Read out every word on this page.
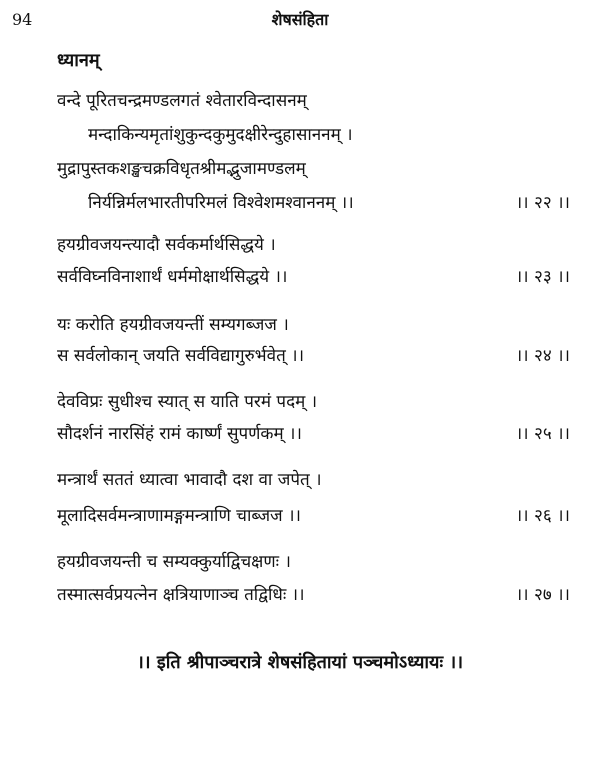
94	शेषसंहिता
ध्यानम्
वन्दे पूरितचन्द्रमण्डलगतं श्वेतारविन्दासनम्
मन्दाकिन्यमृतांशुकुन्दकुमुदक्षीरेन्दुहासाननम् ।
मुद्रापुस्तकशङ्खचक्रविधृतश्रीमद्भुजामण्डलम्
निर्यन्निर्मलभारतीपरिमलं विश्वेशमश्वाननम् ।।	।। २२ ।।
हयग्रीवजयन्त्यादौ सर्वकर्मार्थसिद्धये ।
सर्वविघ्नविनाशार्थं धर्ममोक्षार्थसिद्धये ।।	।। २३ ।।
यः करोति हयग्रीवजयन्तीं सम्यगब्जज ।
स सर्वलोकान् जयति सर्वविद्यागुरुर्भवेत् ।।	।। २४ ।।
देवविप्रः सुधीश्च स्यात् स याति परमं पदम् ।
सौदर्शनं नारसिंहं रामं कार्ष्णं सुपर्णकम् ।।	।। २५ ।।
मन्त्रार्थं सततं ध्यात्वा भावादौ दश वा जपेत् ।
मूलादिसर्वमन्त्राणामङ्गमन्त्राणि चाब्जज ।।	।। २६ ।।
हयग्रीवजयन्ती च सम्यक्कुर्याद्विचक्षणः ।
तस्मात्सर्वप्रयत्नेन क्षत्रियाणाञ्च तद्विधिः ।।	।। २७ ।।
।। इति श्रीपाञ्चरात्रे शेषसंहितायां पञ्चमोऽध्यायः ।।
